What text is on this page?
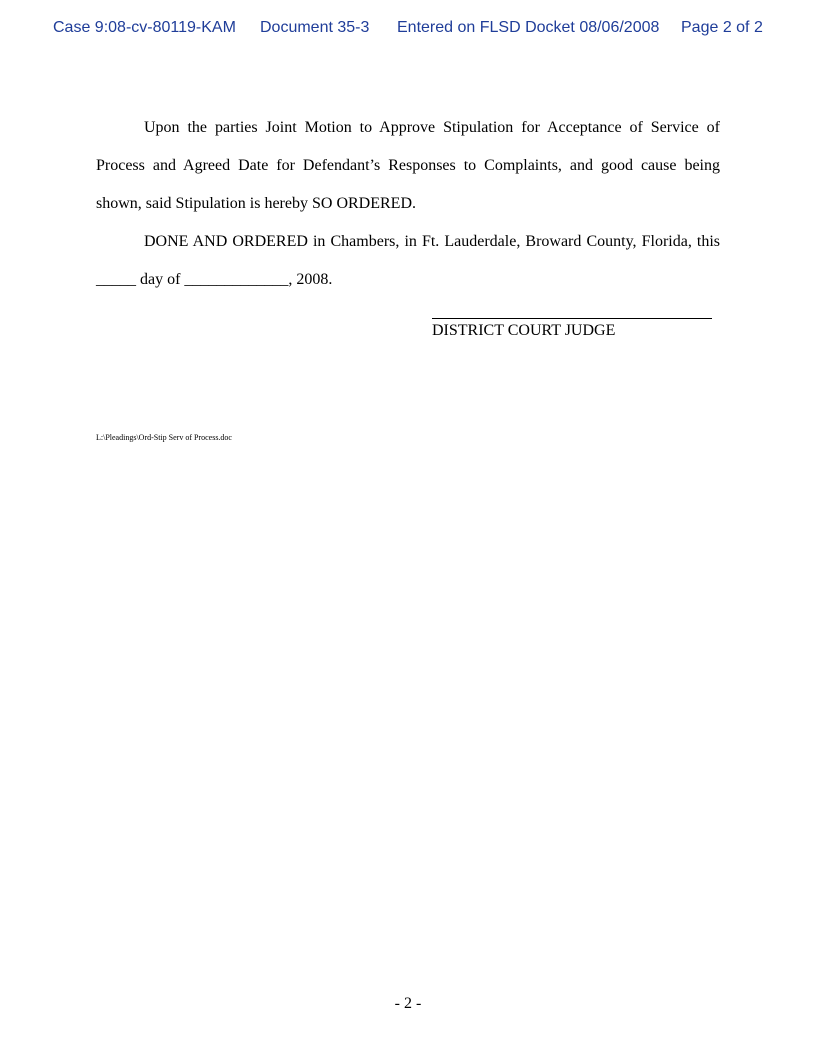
Case 9:08-cv-80119-KAM Document 35-3 Entered on FLSD Docket 08/06/2008 Page 2 of 2
Upon the parties Joint Motion to Approve Stipulation for Acceptance of Service of Process and Agreed Date for Defendant’s Responses to Complaints, and good cause being shown, said Stipulation is hereby SO ORDERED.
DONE AND ORDERED in Chambers, in Ft. Lauderdale, Broward County, Florida, this _____ day of _____________, 2008.
DISTRICT COURT JUDGE
L:\Pleadings\Ord-Stip Serv of Process.doc
- 2 -
